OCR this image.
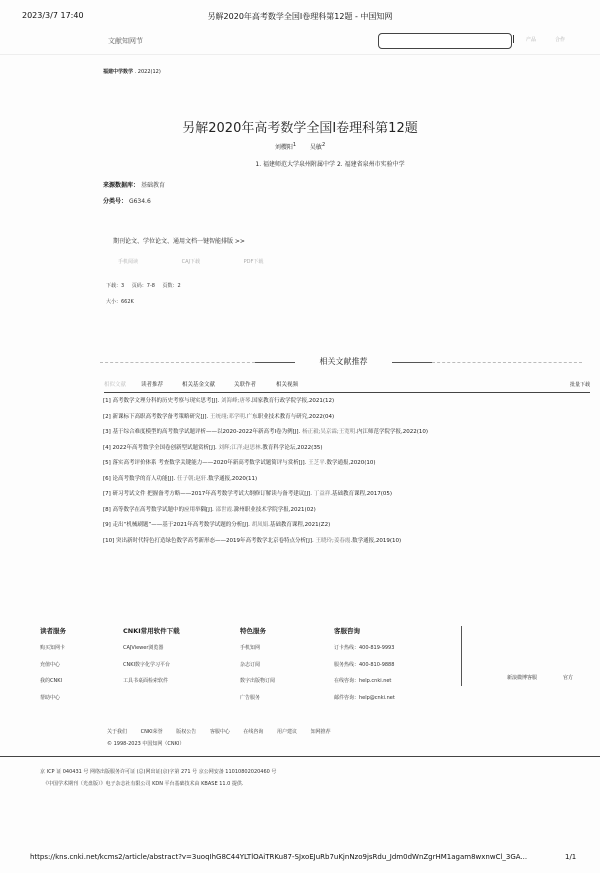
2023/3/7 17:40	另解2020年高考数学全国Ⅰ卷理科第12题 - 中国知网
文献知网节	产品	合作
福建中学数学 . 2022(12)
另解2020年高考数学全国Ⅰ卷理科第12题
刘樱阳$^1$ 吴敏$^2$
1. 福建师范大学泉州附属中学 2. 福建省泉州市实验中学
来源数据库： 基础教育
分类号： G634.6
期刊论文、学位论文、通用文档一键智能排版 >>
手机阅读	CAJ下载	PDF下载
下载：3 页码：7-8 页数：2
大小：662K
相关文献推荐
相似文献	读者推荐	相关基金文献	关联作者	相关视频	批量下载
[1] 高考数学文理分科的历史考察与现实思考[J]. 刘海峰;唐琴.国家教育行政学院学报,2021(12)
[2] 新课标下高职高考数学备考策略研究[J]. 王统翊;邓学明.广东职业技术教育与研究,2022(04)
[3] 基于综合难度模型的高考数学试题评析——以2020-2022年新高考Ⅰ卷为例[J]. 杨正毅;吴京霖;王宽明.内江师范学院学报,2022(10)
[4] 2022年高考数学全国卷创新型试题赏析[J]. 刘辉;江洋;赵思林.教育科学论坛,2022(35)
[5] 落实高考评价体系 考查数学关键能力——2020年新高考数学试题简评与赏析[J]. 王芝平.数学通报,2020(10)
[6] 论高考数学的育人功能[J]. 任子朝;赵轩.数学通报,2020(11)
[7] 研习考试文件 把握备考方略——2017年高考数学考试大纲修订解读与备考建议[J]. 丁益祥.基础教育课程,2017(05)
[8] 高等数学在高考数学试题中的应用举隅[J]. 邵世霞.滁州职业技术学院学报,2021(02)
[9] 走出“机械刷题”——基于2021年高考数学试题的分析[J]. 胡凤娟.基础教育课程,2021(Z2)
[10] 突出新时代特色打造绿色数学高考新形态——2019年高考数学北京卷特点分析[J]. 王晓玲;姜春霞.数学通报,2019(10)
读者服务
购买知网卡
充值中心
我的CNKI
帮助中心
CNKI常用软件下载
CAJViewer浏览器
CNKI数字化学习平台
工具书桌面检索软件
特色服务
手机知网
杂志订阅
数字出版物订阅
广告服务
客服咨询
订卡热线：400-819-9993
服务热线：400-810-9888
在线咨询：help.cnki.net
邮件咨询：help@cnki.net
新浪微博客服	官方
关于我们	CNKI荣誉	版权公告	客服中心	在线咨询	用户建议	知网推荐
© 1998-2023 中国知网（CNKI）
京 ICP 证 040431 号 网络出版服务许可证 (总)网出证(京)字第 271 号 京公网安备 11010802020460 号
《中国学术期刊（光盘版）》电子杂志社有限公司 KDN 平台基础技术由 KBASE 11.0 提供.
https://kns.cnki.net/kcms2/article/abstract?v=3uoqIhG8C44YLTlOAiTRKu87-SJxoEJuRb7uKjnNzo9jsRdu_Jdm0dWnZgrHM1agam8wxnwCl_3GA...	1/1
